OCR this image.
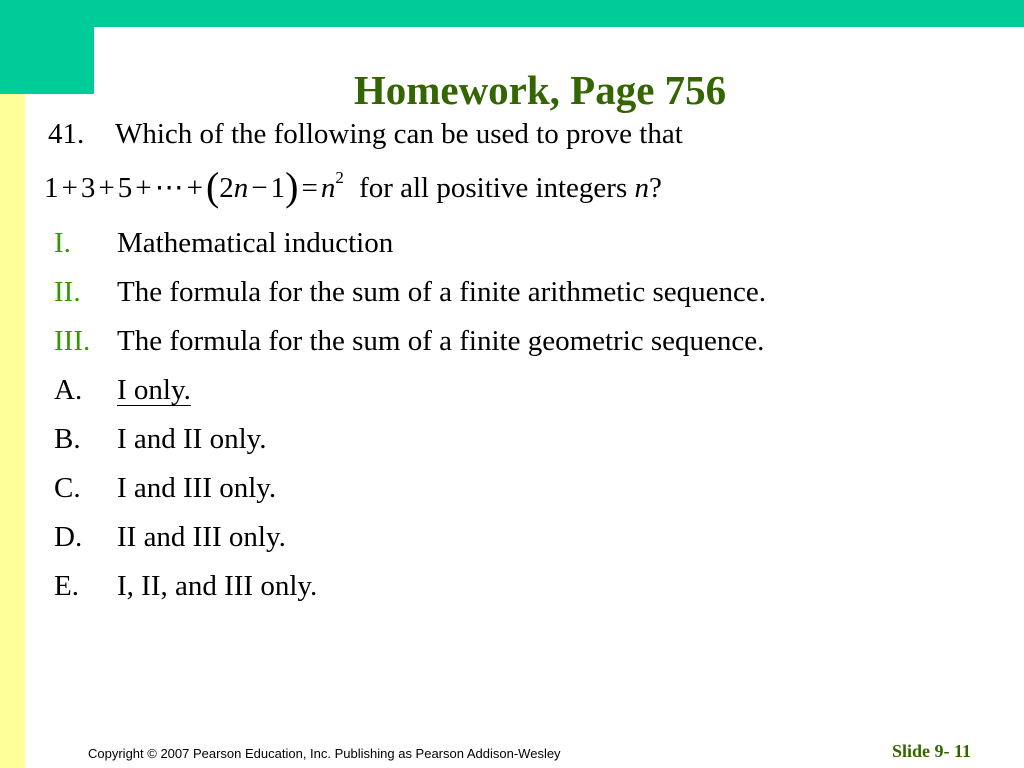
Homework, Page 756
41. Which of the following can be used to prove that
1 + 3 + 5 + ⋯ $+(2n - 1) = n^2$ for all positive integers n?
I. Mathematical induction
II. The formula for the sum of a finite arithmetic sequence.
III. The formula for the sum of a finite geometric sequence.
A. I only.
B. I and II only.
C. I and III only.
D. II and III only.
E. I, II, and III only.
Copyright © 2007 Pearson Education, Inc. Publishing as Pearson Addison-Wesley	Slide 9- 11
